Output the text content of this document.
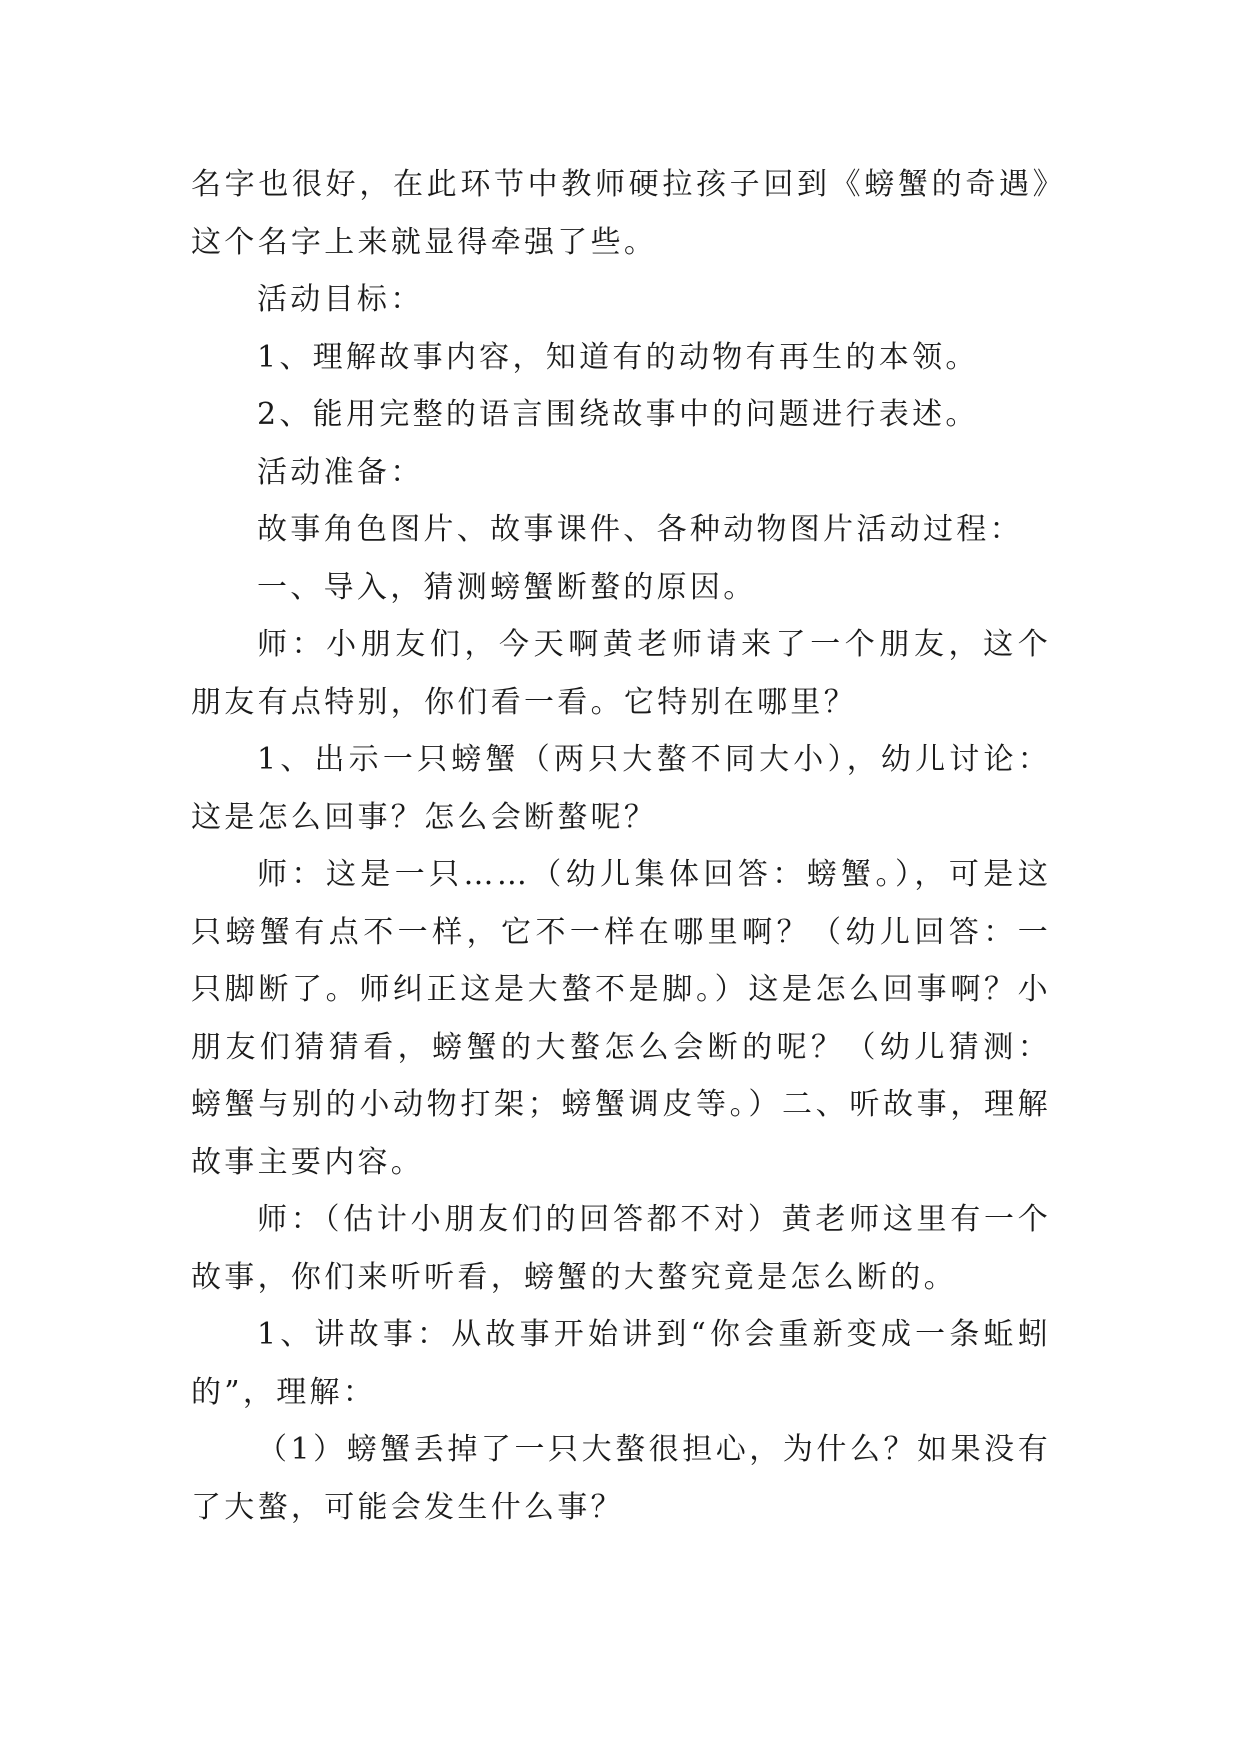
名字也很好，在此环节中教师硬拉孩子回到《螃蟹的奇遇》这个名字上来就显得牵强了些。

活动目标：

1、理解故事内容，知道有的动物有再生的本领。

2、能用完整的语言围绕故事中的问题进行表述。

活动准备：

故事角色图片、故事课件、各种动物图片活动过程：

一、导入，猜测螃蟹断螯的原因。

师：小朋友们，今天啊黄老师请来了一个朋友，这个朋友有点特别，你们看一看。它特别在哪里？

1、出示一只螃蟹（两只大螯不同大小），幼儿讨论：这是怎么回事？怎么会断螯呢？

师：这是一只……（幼儿集体回答：螃蟹。），可是这只螃蟹有点不一样，它不一样在哪里啊？（幼儿回答：一只脚断了。师纠正这是大螯不是脚。）这是怎么回事啊？小朋友们猜猜看，螃蟹的大螯怎么会断的呢？（幼儿猜测：螃蟹与别的小动物打架；螃蟹调皮等。）二、听故事，理解故事主要内容。

师：（估计小朋友们的回答都不对）黄老师这里有一个故事，你们来听听看，螃蟹的大螯究竟是怎么断的。

1、讲故事：从故事开始讲到“你会重新变成一条蚯蚓的”，理解：

（1）螃蟹丢掉了一只大螯很担心，为什么？如果没有了大螯，可能会发生什么事？
